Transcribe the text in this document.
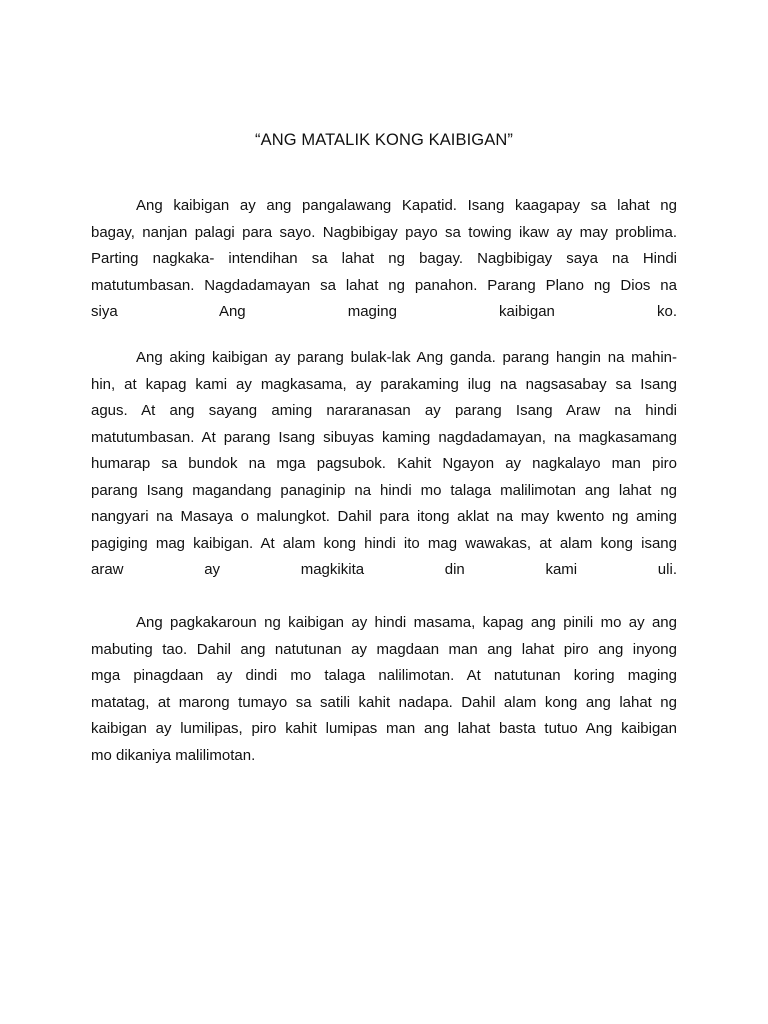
“ANG MATALIK KONG KAIBIGAN”

Ang kaibigan ay ang pangalawang Kapatid. Isang kaagapay sa lahat ng
bagay, nanjan palagi para sayo. Nagbibigay payo sa towing ikaw ay may problima.
Parting nagkaka- intendihan sa lahat ng bagay. Nagbibigay saya na Hindi
matutumbasan. Nagdadamayan sa lahat ng panahon. Parang Plano ng Dios na
siya Ang maging kaibigan ko.

Ang aking kaibigan ay parang bulak-lak Ang ganda. parang hangin na mahin-
hin, at kapag kami ay magkasama, ay parakaming ilug na nagsasabay sa Isang
agus. At ang sayang aming nararanasan ay parang Isang Araw na hindi
matutumbasan. At parang Isang sibuyas kaming nagdadamayan, na magkasamang
humarap sa bundok na mga pagsubok. Kahit Ngayon ay nagkalayo man piro
parang Isang magandang panaginip na hindi mo talaga malilimotan ang lahat ng
nangyari na Masaya o malungkot. Dahil para itong aklat na may kwento ng aming
pagiging mag kaibigan. At alam kong hindi ito mag wawakas, at alam kong isang
araw ay magkikita din kami uli.

Ang pagkakaroun ng kaibigan ay hindi masama, kapag ang pinili mo ay ang
mabuting tao. Dahil ang natutunan ay magdaan man ang lahat piro ang inyong
mga pinagdaan ay dindi mo talaga nalilimotan. At natutunan koring maging
matatag, at marong tumayo sa satili kahit nadapa. Dahil alam kong ang lahat ng
kaibigan ay lumilipas, piro kahit lumipas man ang lahat basta tutuo Ang kaibigan
mo dikaniya malilimotan.
